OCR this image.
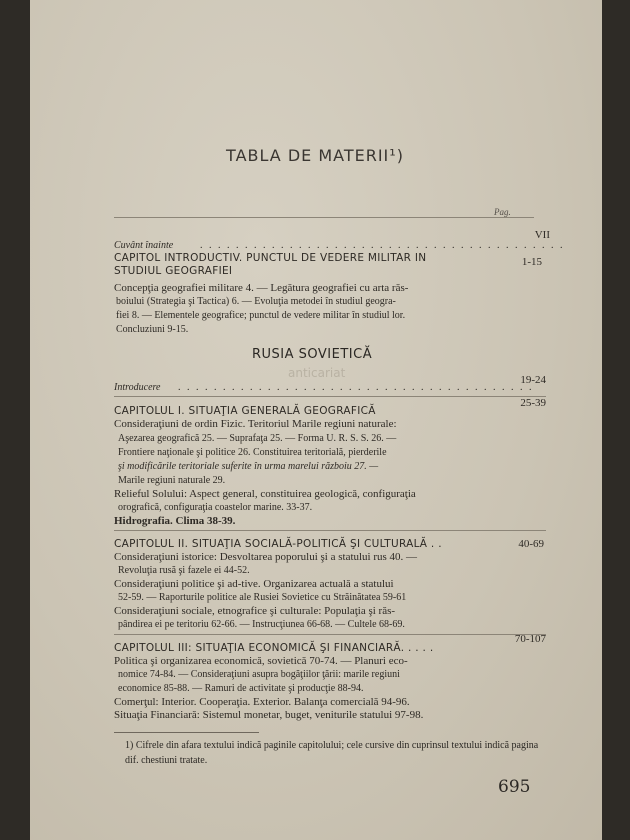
TABLA DE MATERII¹)
Pag.
Cuvânt înainte	. . . . . . . . . . . . . . . . . . . . . . . . . . . . . . . . . . . . . . . . .
VII
CAPITOL INTRODUCTIV. PUNCTUL DE VEDERE MILITAR IN
STUDIUL GEOGRAFIEI
1-15
Concepţia geografiei militare 4. — Legătura geografiei cu arta răs-
boiului (Strategia şi Tactica) 6. — Evoluţia metodei în studiul geogra-
fiei 8. — Elementele geografice; punctul de vedere militar în studiul lor.
Concluziuni 9-15.
RUSIA SOVIETICĂ
anticariat
Introducere . . . . . . . . . . . . . . . . . . . . . . . . . . . . . . . . . . . . . . . .
19-24
CAPITOLUL I. SITUAŢIA GENERALĂ GEOGRAFICĂ
25-39
Consideraţiuni de ordin Fizic. Teritoriul Marile regiuni naturale:
Aşezarea geografică 25. — Suprafaţa 25. — Forma U. R. S. S. 26. —
Frontiere naţionale şi politice 26. Constituirea teritorială, pierderile
şi modificările teritoriale suferite în urma marelui războiu 27. —
Marile regiuni naturale 29.
Relieful Solului: Aspect general, constituirea geologică, configuraţia
orografică, configuraţia coastelor marine. 33-37.
Hidrografia. Clima 38-39.
CAPITOLUL II. SITUAŢIA SOCIALĂ-POLITICĂ ŞI CULTURALĂ . .	40-69
Consideraţiuni istorice: Desvoltarea poporului şi a statului rus 40. —
Revoluţia rusă şi fazele ei 44-52.
Consideraţiuni politice şi ad-tive. Organizarea actuală a statului
52-59. — Raporturile politice ale Rusiei Sovietice cu Străinătatea 59-61
Consideraţiuni sociale, etnografice şi culturale: Populaţia şi răs-
pândirea ei pe teritoriu 62-66. — Instrucţiunea 66-68. — Cultele 68-69.
CAPITOLUL III: SITUAŢIA ECONOMICĂ ŞI FINANCIARĂ. . . . .
70-107
Politica şi organizarea economică, sovietică 70-74. — Planuri eco-
nomice 74-84. — Consideraţiuni asupra bogăţiilor ţării: marile regiuni
economice 85-88. — Ramuri de activitate şi producţie 88-94.
Comerţul: Interior. Cooperaţia. Exterior. Balanţa comercială 94-96.
Situaţia Financiară: Sistemul monetar, buget, veniturile statului 97-98.
1) Cifrele din afara textului indică paginile capitolului; cele cursive din cuprinsul textului indică pagina dif. chestiuni tratate.
695
